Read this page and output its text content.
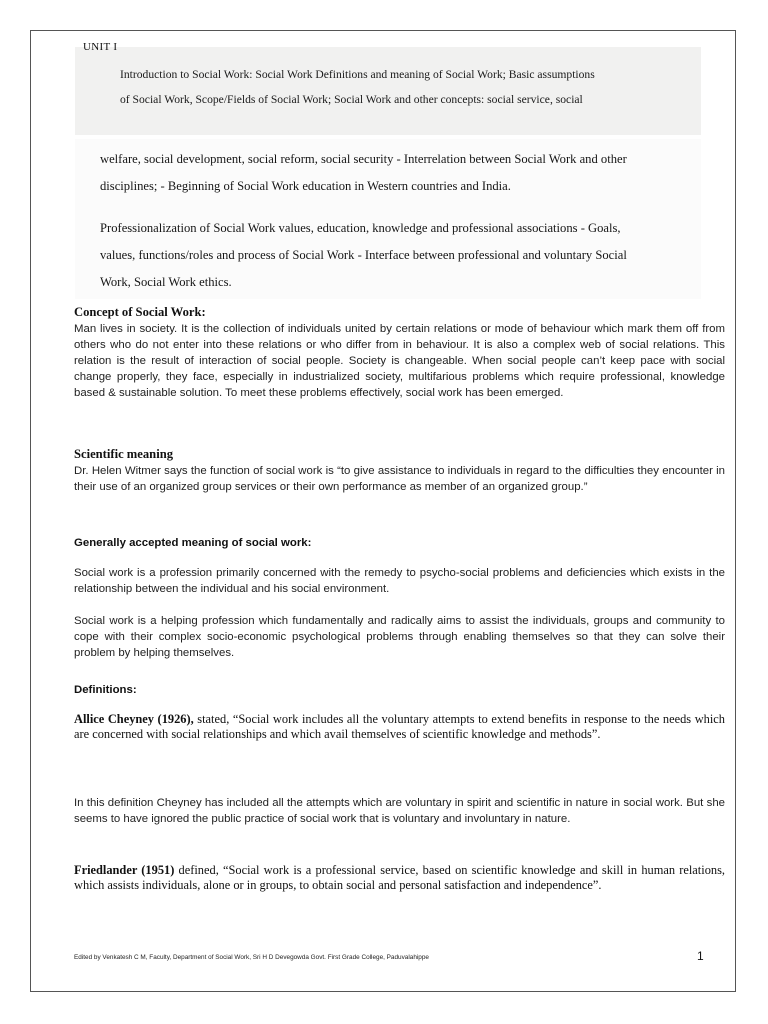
Introduction to Social Work: Social Work Definitions and meaning of Social Work; Basic assumptions

of Social Work, Scope/Fields of Social Work; Social Work and other concepts: social service, social

UNIT I

welfare, social development, social reform, social security - Interrelation between Social Work and other

disciplines; - Beginning of Social Work education in Western countries and India.

Professionalization of Social Work values, education, knowledge and professional associations - Goals,

values, functions/roles and process of Social Work - Interface between professional and voluntary Social

Work, Social Work ethics.

Concept of Social Work:

Man lives in society. It is the collection of individuals united by certain relations or mode of behaviour which mark them off from others who do not enter into these relations or who differ from in behaviour. It is also a complex web of social relations. This relation is the result of interaction of social people. Society is changeable. When social people can’t keep pace with social change properly, they face, especially in industrialized society, multifarious problems which require professional, knowledge based & sustainable solution. To meet these problems effectively, social work has been emerged.

Scientific meaning

Dr. Helen Witmer says the function of social work is “to give assistance to individuals in regard to the difficulties they encounter in their use of an organized group services or their own performance as member of an organized group.”

Generally accepted meaning of social work:

Social work is a profession primarily concerned with the remedy to psycho-social problems and deficiencies which exists in the relationship between the individual and his social environment.

Social work is a helping profession which fundamentally and radically aims to assist the individuals, groups and community to cope with their complex socio-economic psychological problems through enabling themselves so that they can solve their problem by helping themselves.

Definitions:

Allice Cheyney (1926), stated, “Social work includes all the voluntary attempts to extend benefits in response to the needs which are concerned with social relationships and which avail themselves of scientific knowledge and methods”.

In this definition Cheyney has included all the attempts which are voluntary in spirit and scientific in nature in social work. But she seems to have ignored the public practice of social work that is voluntary and involuntary in nature.

Friedlander (1951) defined, “Social work is a professional service, based on scientific knowledge and skill in human relations, which assists individuals, alone or in groups, to obtain social and personal satisfaction and independence”.

Edited by Venkatesh C M, Faculty, Department of Social Work, Sri H D Devegowda Govt. First Grade College, Paduvalahippe	1
